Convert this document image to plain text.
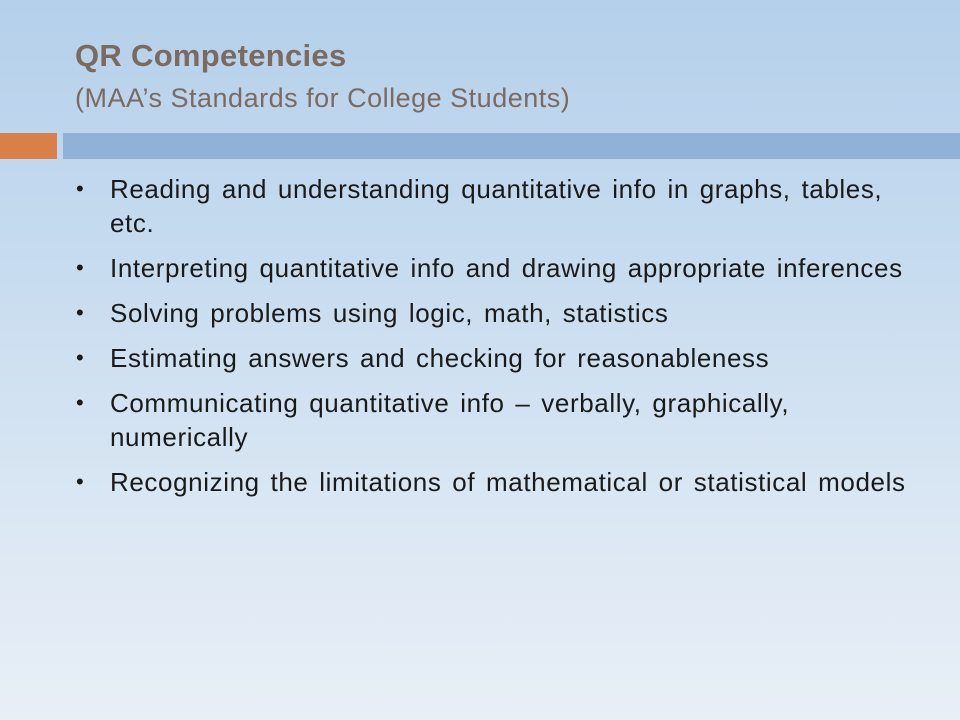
QR Competencies
(MAA’s Standards for College Students)
• Reading and understanding quantitative info in graphs, tables, etc.
• Interpreting quantitative info and drawing appropriate inferences
• Solving problems using logic, math, statistics
• Estimating answers and checking for reasonableness
• Communicating quantitative info – verbally, graphically, numerically
• Recognizing the limitations of mathematical or statistical models
